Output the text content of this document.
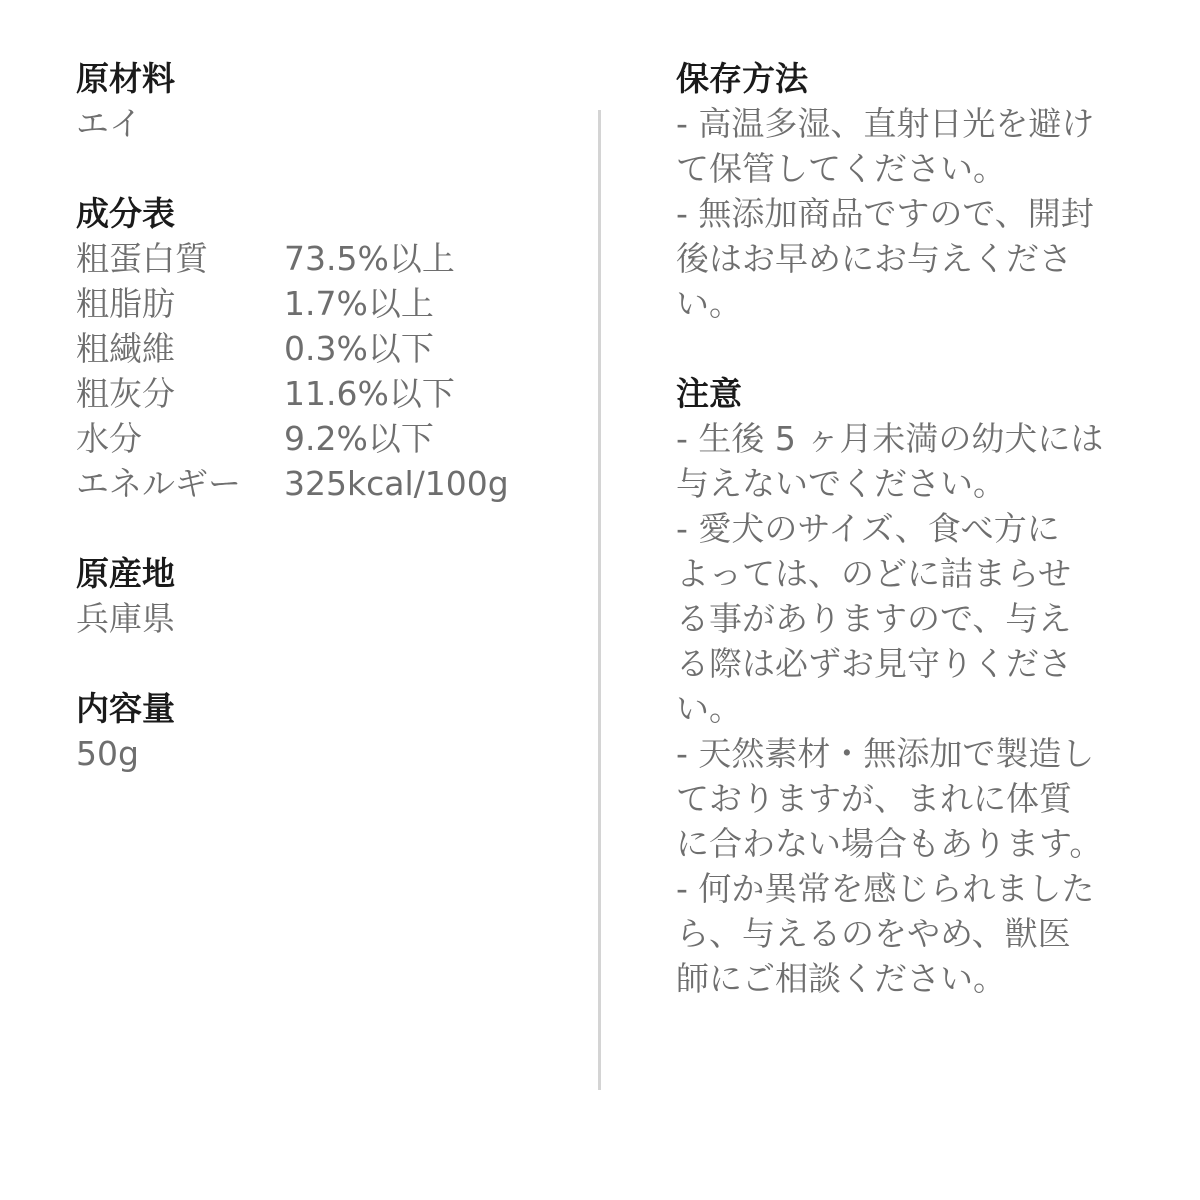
原材料

エイ

成分表

粗蛋白質	73.5%以上
粗脂肪	1.7%以上
粗繊維	0.3%以下
粗灰分	11.6%以下
水分	9.2%以下
エネルギー	325kcal/100g

原産地

兵庫県

内容量

50g

保存方法

- 高温多湿、直射日光を避け
て保管してください。
- 無添加商品ですので、開封
後はお早めにお与えくださ
い。

注意

- 生後 5 ヶ月未満の幼犬には
与えないでください。
- 愛犬のサイズ、食べ方に
よっては、のどに詰まらせ
る事がありますので、与え
る際は必ずお見守りくださ
い。
- 天然素材・無添加で製造し
ておりますが、まれに体質
に合わない場合もあります。
- 何か異常を感じられました
ら、与えるのをやめ、獣医
師にご相談ください。
